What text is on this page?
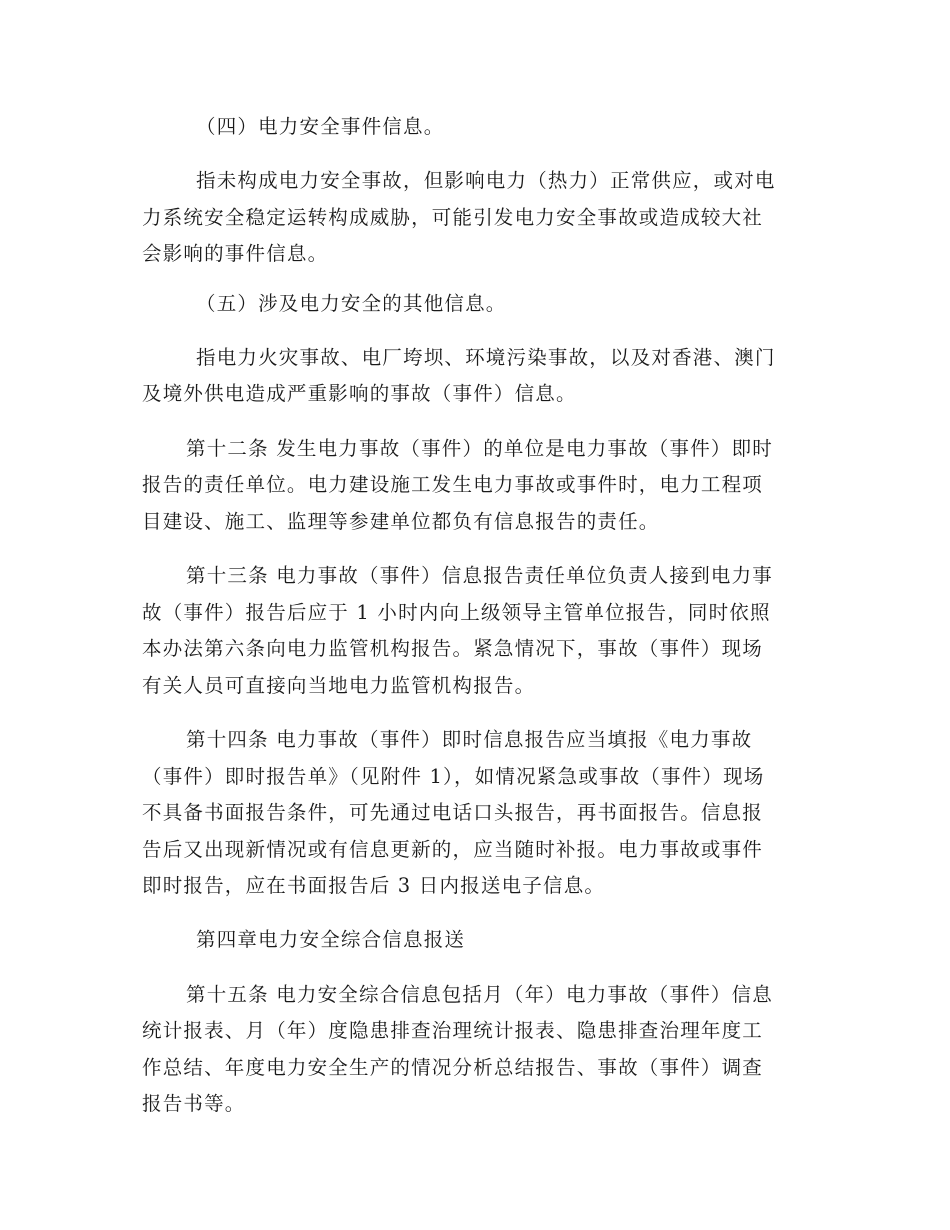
（四）电力安全事件信息。
指未构成电力安全事故，但影响电力（热力）正常供应，或对电
力系统安全稳定运转构成威胁，可能引发电力安全事故或造成较大社
会影响的事件信息。
（五）涉及电力安全的其他信息。
指电力火灾事故、电厂垮坝、环境污染事故，以及对香港、澳门
及境外供电造成严重影响的事故（事件）信息。
第十二条 发生电力事故（事件）的单位是电力事故（事件）即时
报告的责任单位。电力建设施工发生电力事故或事件时，电力工程项
目建设、施工、监理等参建单位都负有信息报告的责任。
第十三条 电力事故（事件）信息报告责任单位负责人接到电力事
故（事件）报告后应于 1 小时内向上级领导主管单位报告，同时依照
本办法第六条向电力监管机构报告。紧急情况下，事故（事件）现场
有关人员可直接向当地电力监管机构报告。
第十四条 电力事故（事件）即时信息报告应当填报《电力事故
（事件）即时报告单》（见附件 1），如情况紧急或事故（事件）现场
不具备书面报告条件，可先通过电话口头报告，再书面报告。信息报
告后又出现新情况或有信息更新的，应当随时补报。电力事故或事件
即时报告，应在书面报告后 3 日内报送电子信息。
第四章电力安全综合信息报送
第十五条 电力安全综合信息包括月（年）电力事故（事件）信息
统计报表、月（年）度隐患排查治理统计报表、隐患排查治理年度工
作总结、年度电力安全生产的情况分析总结报告、事故（事件）调查
报告书等。
